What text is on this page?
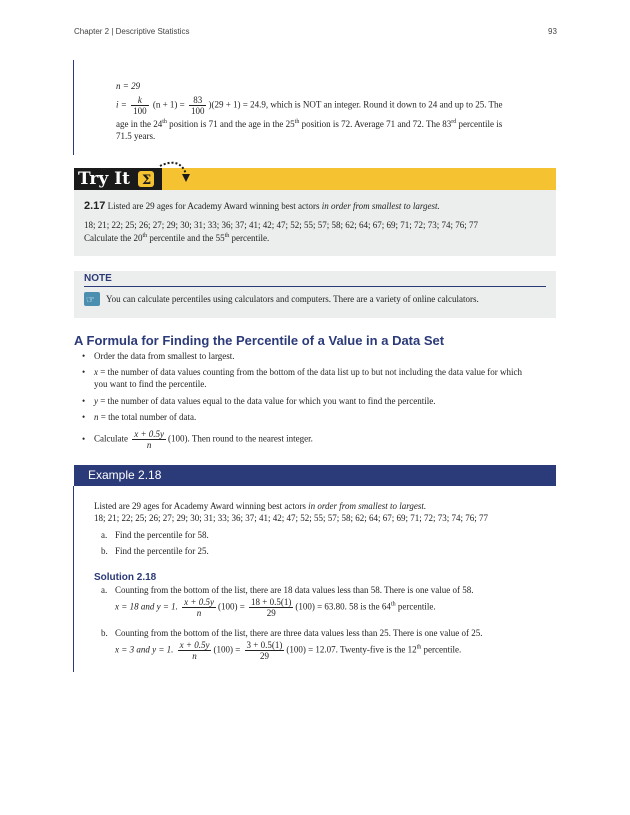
Chapter 2 | Descriptive Statistics	93
n = 29
$i = \frac{k}{100} (n + 1) = \frac{83}{100} )(29 + 1) = 24.9$, which is NOT an integer. Round it down to 24 and up to 25. The
age in the 24th position is 71 and the age in the 25th position is 72. Average 71 and 72. The 83rd percentile is
71.5 years.
Try It Σ
2.17 Listed are 29 ages for Academy Award winning best actors in order from smallest to largest.
18; 21; 22; 25; 26; 27; 29; 30; 31; 33; 36; 37; 41; 42; 47; 52; 55; 57; 58; 62; 64; 67; 69; 71; 72; 73; 74; 76; 77
Calculate the 20th percentile and the 55th percentile.
NOTE
☞ You can calculate percentiles using calculators and computers. There are a variety of online calculators.
A Formula for Finding the Percentile of a Value in a Data Set
• Order the data from smallest to largest.
• x = the number of data values counting from the bottom of the data list up to but not including the data value for which
you want to find the percentile.
• y = the number of data values equal to the data value for which you want to find the percentile.
• n = the total number of data.
• Calculate $\frac{x + 0.5y}{n} (100)$. Then round to the nearest integer.
Example 2.18
Listed are 29 ages for Academy Award winning best actors in order from smallest to largest.
18; 21; 22; 25; 26; 27; 29; 30; 31; 33; 36; 37; 41; 42; 47; 52; 55; 57; 58; 62; 64; 67; 69; 71; 72; 73; 74; 76; 77
a. Find the percentile for 58.
b. Find the percentile for 25.
Solution 2.18
a. Counting from the bottom of the list, there are 18 data values less than 58. There is one value of 58.
x = 18 and y = 1. $\frac{x + 0.5y}{n} (100) = \frac{18 + 0.5(1)}{29} (100) = 63.80$. 58 is the 64th percentile.
b. Counting from the bottom of the list, there are three data values less than 25. There is one value of 25.
x = 3 and y = 1. $\frac{x + 0.5y}{n} (100) = \frac{3 + 0.5(1)}{29} (100) = 12.07$. Twenty-five is the 12th percentile.
